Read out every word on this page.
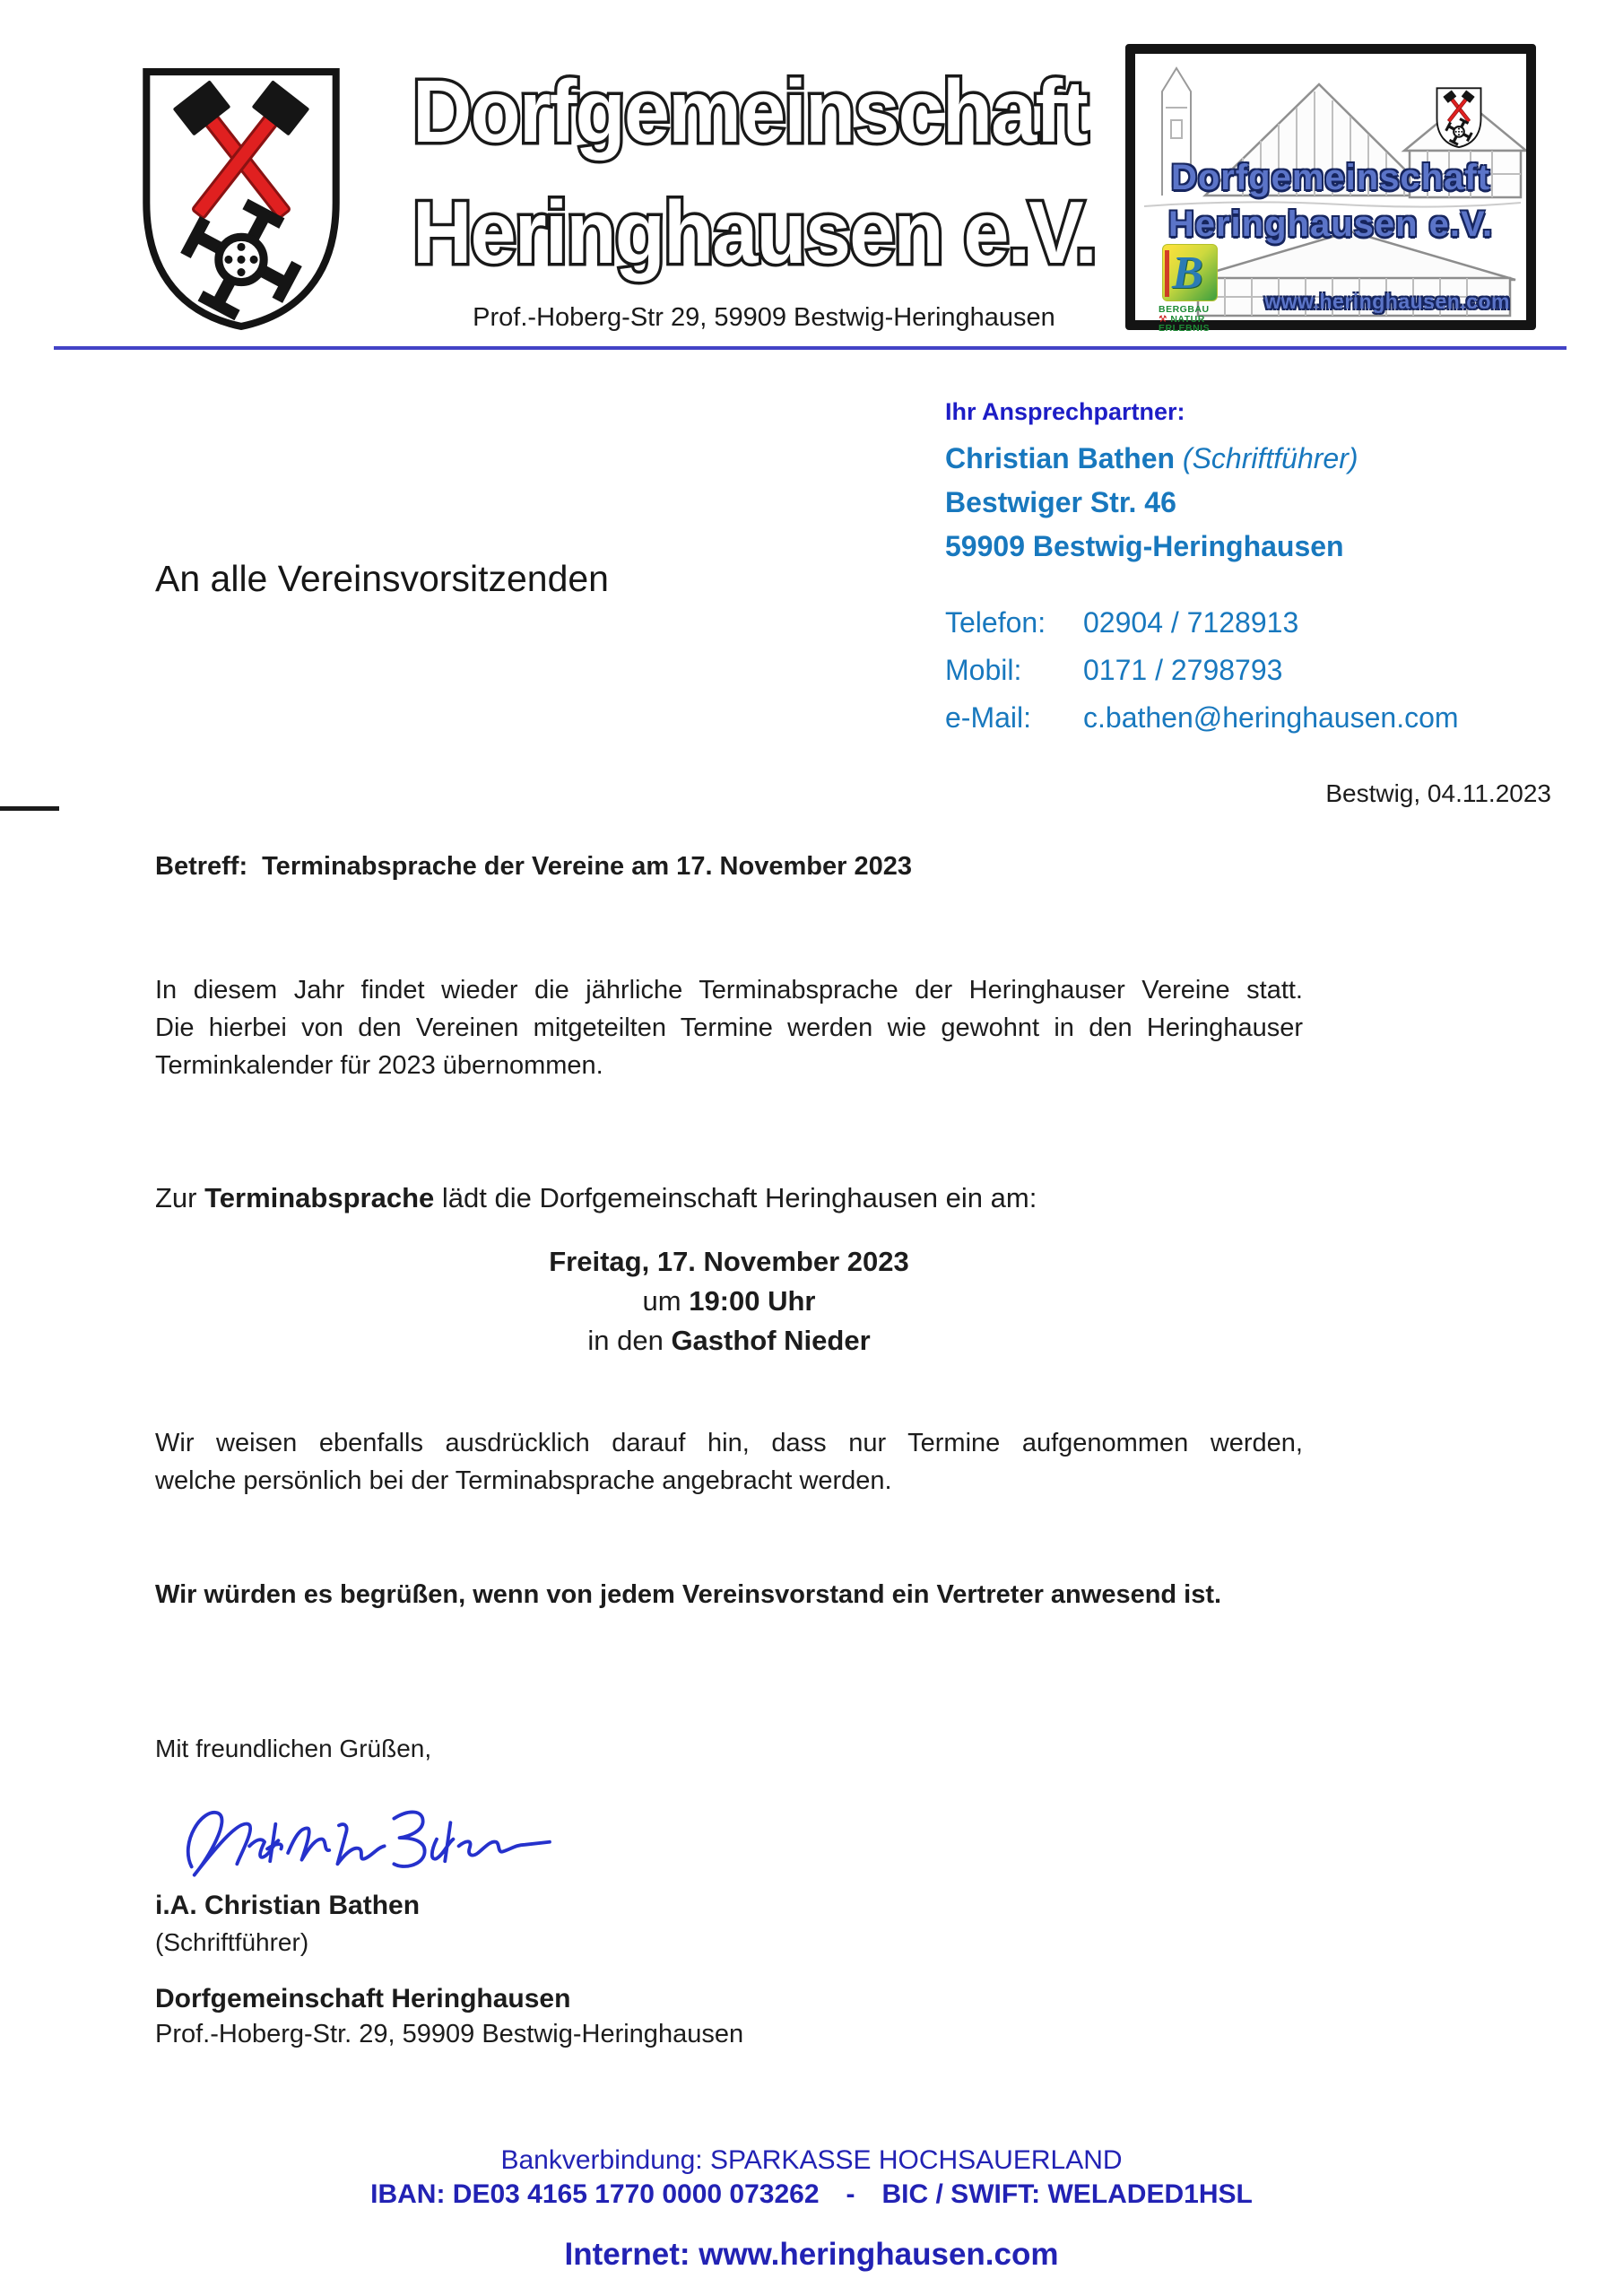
Dorfgemeinschaft
Heringhausen e.V.
Prof.-Hoberg-Str 29, 59909 Bestwig-Heringhausen
Dorfgemeinschaft
Heringhausen e.V.
B
BERGBAU
⚒ NATUR
ERLEBNIS
www.heringhausen.com
Ihr Ansprechpartner:
Christian Bathen (Schriftführer)
Bestwiger Str. 46
59909 Bestwig-Heringhausen
Telefon:	02904 / 7128913
Mobil:	0171 / 2798793
e-Mail:	c.bathen@heringhausen.com
An alle Vereinsvorsitzenden
Bestwig, 04.11.2023
Betreff: Terminabsprache der Vereine am 17. November 2023
In diesem Jahr findet wieder die jährliche Terminabsprache der Heringhauser Vereine statt.
Die hierbei von den Vereinen mitgeteilten Termine werden wie gewohnt in den Heringhauser
Terminkalender für 2023 übernommen.
Zur Terminabsprache lädt die Dorfgemeinschaft Heringhausen ein am:
Freitag, 17. November 2023
um 19:00 Uhr
in den Gasthof Nieder
Wir weisen ebenfalls ausdrücklich darauf hin, dass nur Termine aufgenommen werden,
welche persönlich bei der Terminabsprache angebracht werden.
Wir würden es begrüßen, wenn von jedem Vereinsvorstand ein Vertreter anwesend ist.
Mit freundlichen Grüßen,
i.A. Christian Bathen
(Schriftführer)
Dorfgemeinschaft Heringhausen
Prof.-Hoberg-Str. 29, 59909 Bestwig-Heringhausen
Bankverbindung: SPARKASSE HOCHSAUERLAND
IBAN: DE03 4165 1770 0000 073262 - BIC / SWIFT: WELADED1HSL
Internet: www.heringhausen.com
